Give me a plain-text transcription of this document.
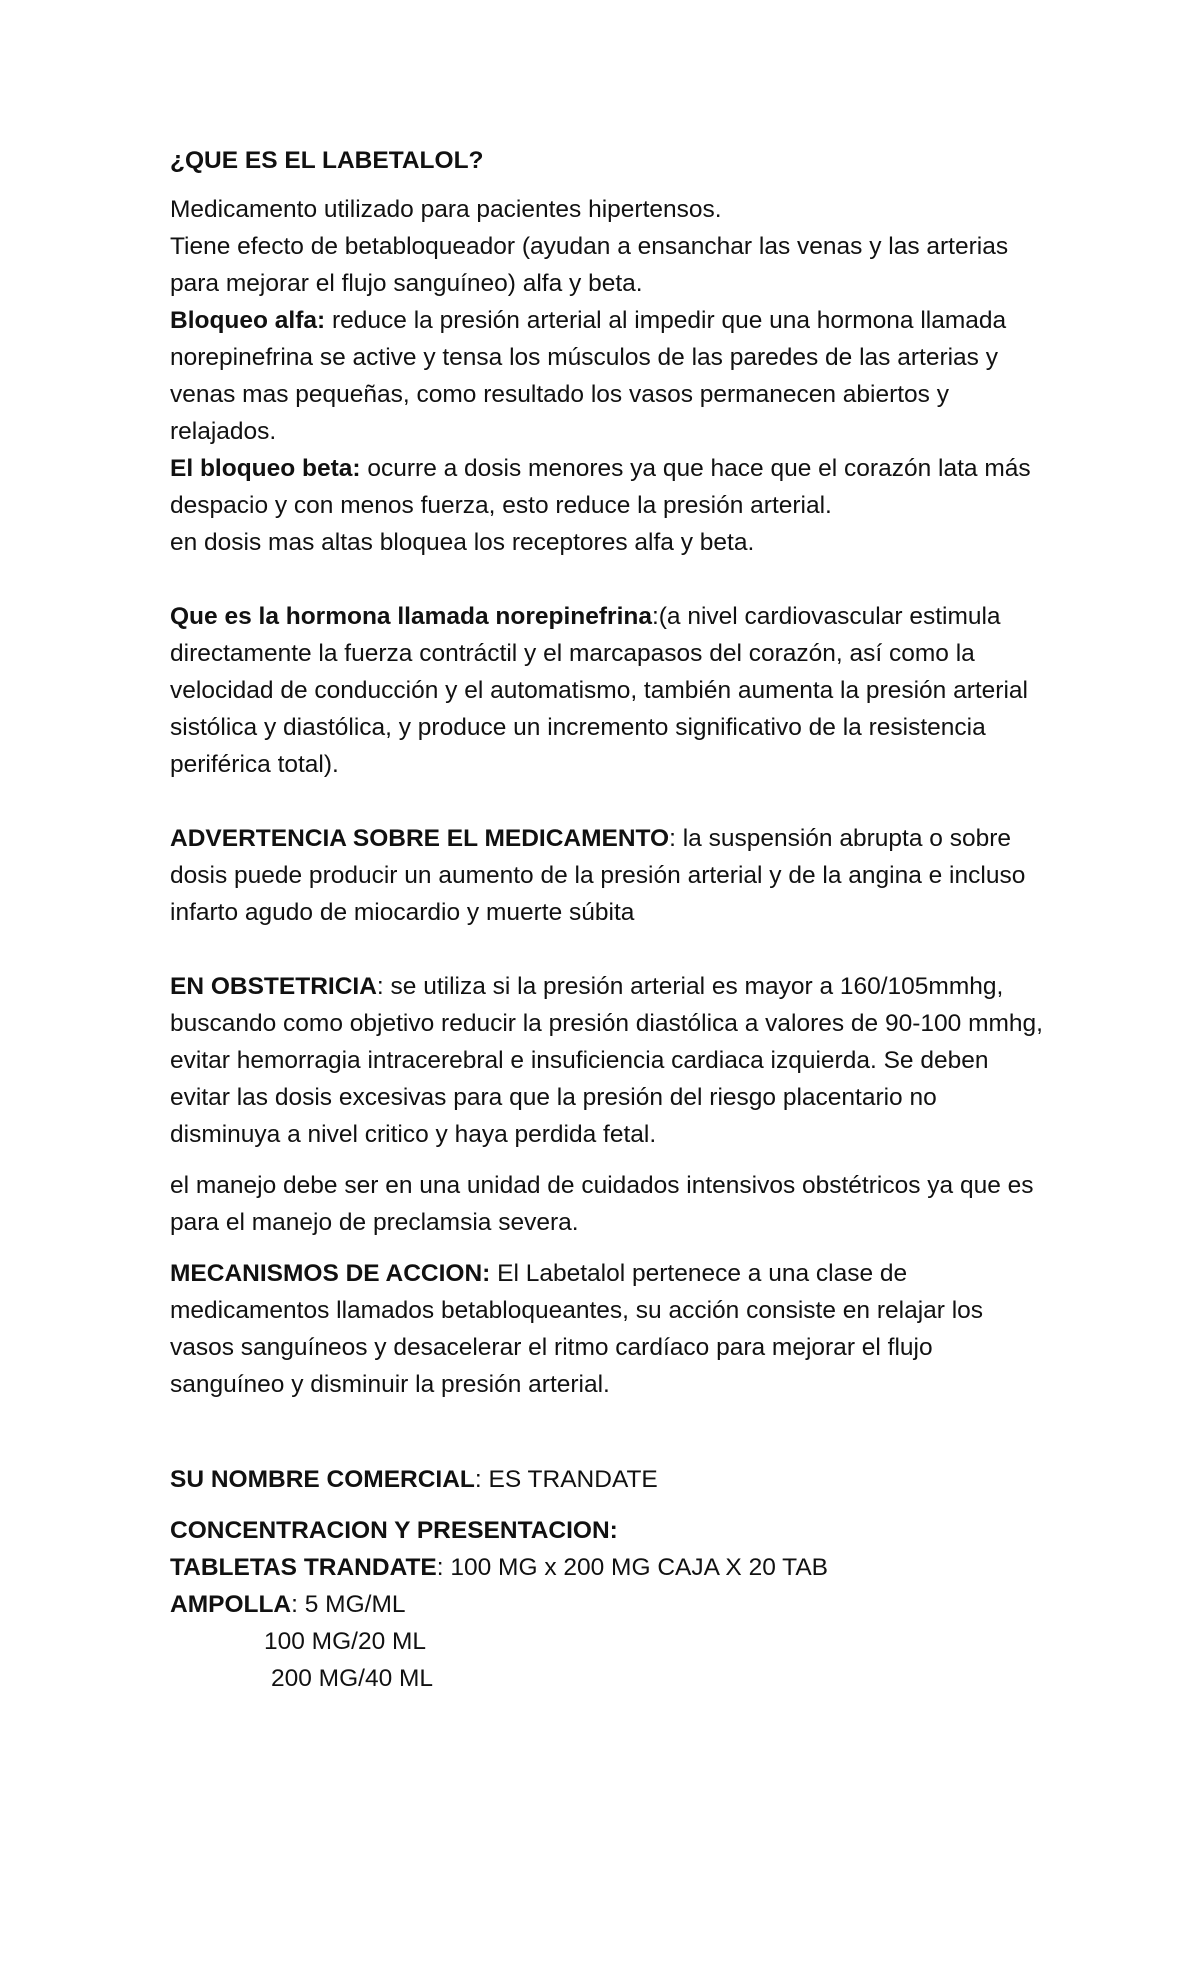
¿QUE ES EL LABETALOL?

Medicamento utilizado para pacientes hipertensos.

Tiene efecto de betabloqueador (ayudan a ensanchar las venas y las arterias para mejorar el flujo sanguíneo) alfa y beta.

Bloqueo alfa: reduce la presión arterial al impedir que una hormona llamada norepinefrina se active y tensa los músculos de las paredes de las arterias y venas mas pequeñas, como resultado los vasos permanecen abiertos y relajados.

El bloqueo beta: ocurre a dosis menores ya que hace que el corazón lata más despacio y con menos fuerza, esto reduce la presión arterial.

en dosis mas altas bloquea los receptores alfa y beta.

Que es la hormona llamada norepinefrina:(a nivel cardiovascular estimula directamente la fuerza contráctil y el marcapasos del corazón, así como la velocidad de conducción y el automatismo, también aumenta la presión arterial sistólica y diastólica, y produce un incremento significativo de la resistencia periférica total).

ADVERTENCIA SOBRE EL MEDICAMENTO: la suspensión abrupta o sobre dosis puede producir un aumento de la presión arterial y de la angina e incluso infarto agudo de miocardio y muerte súbita

EN OBSTETRICIA: se utiliza si la presión arterial es mayor a 160/105mmhg, buscando como objetivo reducir la presión diastólica a valores de 90-100 mmhg, evitar hemorragia intracerebral e insuficiencia cardiaca izquierda. Se deben evitar las dosis excesivas para que la presión del riesgo placentario no disminuya a nivel critico y haya perdida fetal.

el manejo debe ser en una unidad de cuidados intensivos obstétricos ya que es para el manejo de preclamsia severa.

MECANISMOS DE ACCION: El Labetalol pertenece a una clase de medicamentos llamados betabloqueantes, su acción consiste en relajar los vasos sanguíneos y desacelerar el ritmo cardíaco para mejorar el flujo sanguíneo y disminuir la presión arterial.

SU NOMBRE COMERCIAL: ES TRANDATE

CONCENTRACION Y PRESENTACION:

TABLETAS TRANDATE: 100 MG x 200 MG CAJA X 20 TAB

AMPOLLA: 5 MG/ML

100 MG/20 ML

200 MG/40 ML
